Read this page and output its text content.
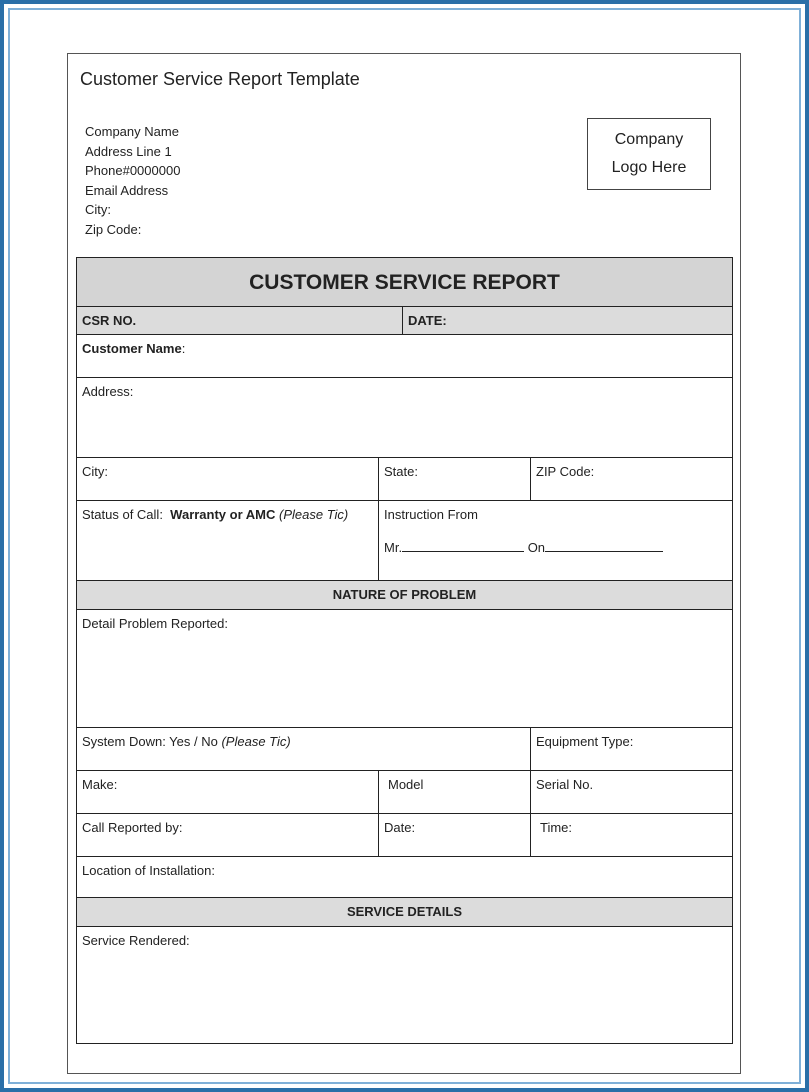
Customer Service Report Template
Company Name
Address Line 1
Phone#0000000
Email Address
City:
Zip Code:
Company
Logo Here
CUSTOMER SERVICE REPORT
CSR NO.	DATE:
Customer Name:
Address:
City:	State:	ZIP Code:
Status of Call: Warranty or AMC (Please Tic)	Instruction From
Mr.	On
NATURE OF PROBLEM
Detail Problem Reported:
System Down: Yes / No (Please Tic)	Equipment Type:
Make:	Model	Serial No.
Call Reported by:	Date:	Time:
Location of Installation:
SERVICE DETAILS
Service Rendered:
